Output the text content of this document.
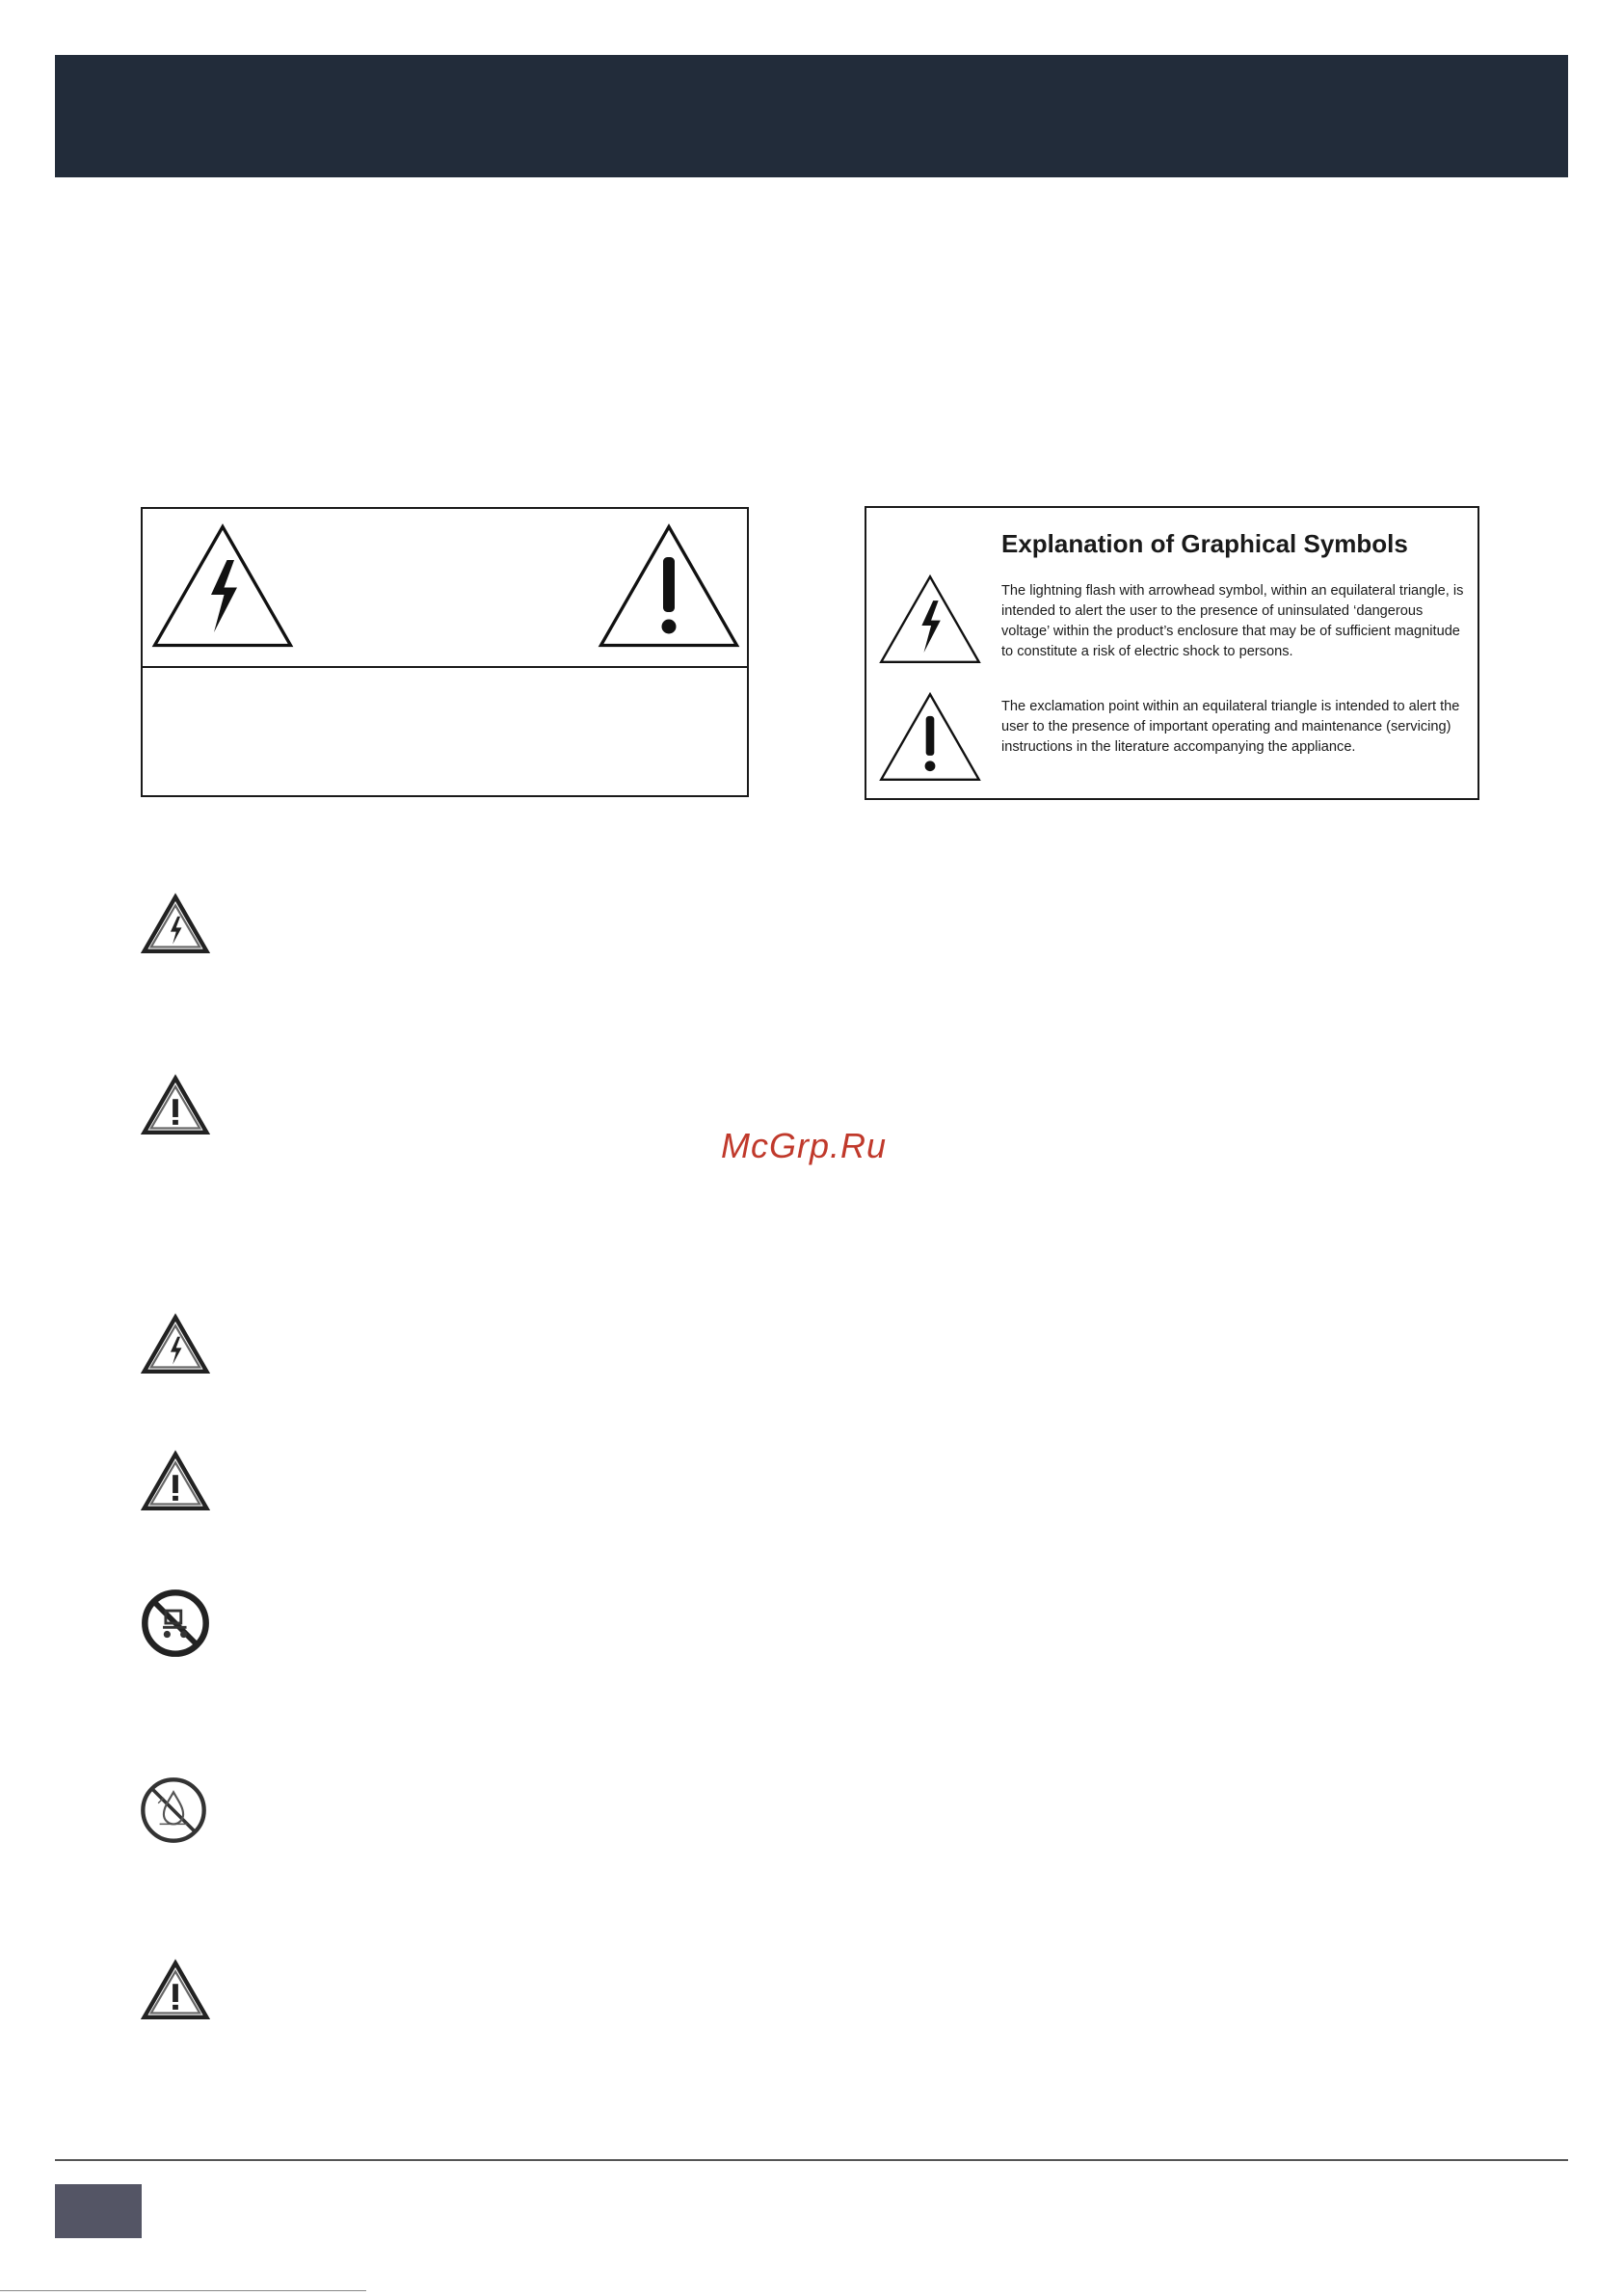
Explanation of Graphical Symbols
The lightning flash with arrowhead symbol, within an equilateral triangle, is intended to alert the user to the presence of uninsulated ‘dangerous voltage’ within the product’s enclosure that may be of sufficient magnitude to constitute a risk of electric shock to persons.
The exclamation point within an equilateral triangle is intended to alert the user to the presence of important operating and maintenance (servicing) instructions in the literature accompanying the appliance.
McGrp.Ru
